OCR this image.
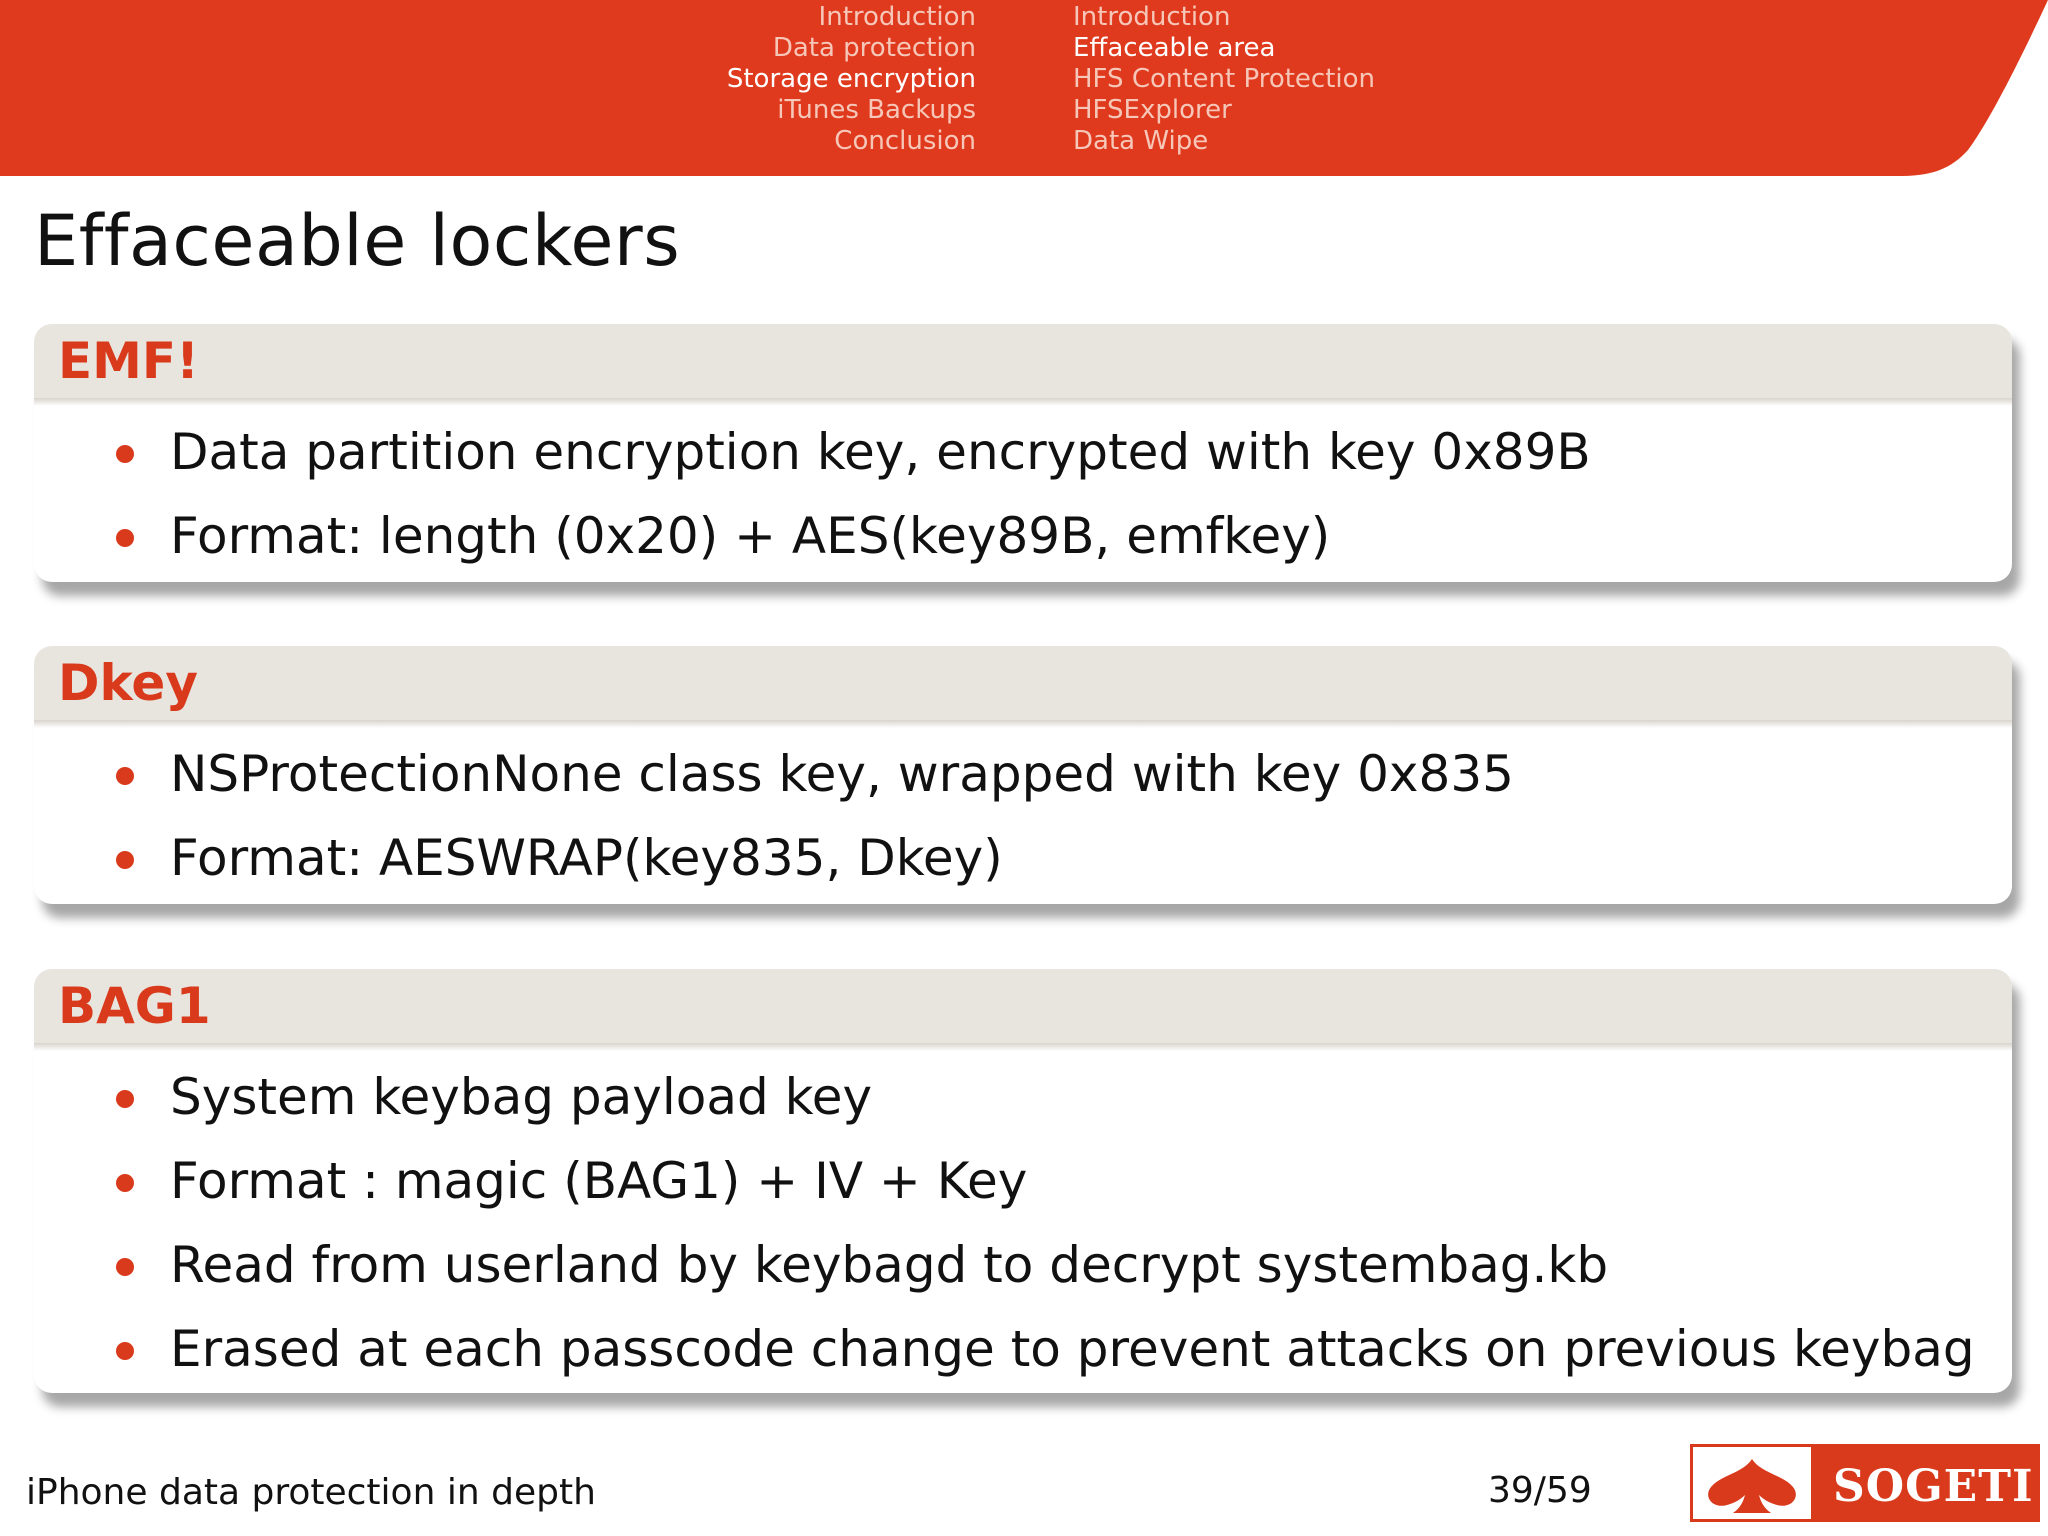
Introduction
Data protection
Storage encryption
iTunes Backups
Conclusion
Introduction
Effaceable area
HFS Content Protection
HFSExplorer
Data Wipe
Effaceable lockers
EMF!
Data partition encryption key, encrypted with key 0x89B
Format: length (0x20) + AES(key89B, emfkey)
Dkey
NSProtectionNone class key, wrapped with key 0x835
Format: AESWRAP(key835, Dkey)
BAG1
System keybag payload key
Format : magic (BAG1) + IV + Key
Read from userland by keybagd to decrypt systembag.kb
Erased at each passcode change to prevent attacks on previous keybag
iPhone data protection in depth	39/59	SOGETI
